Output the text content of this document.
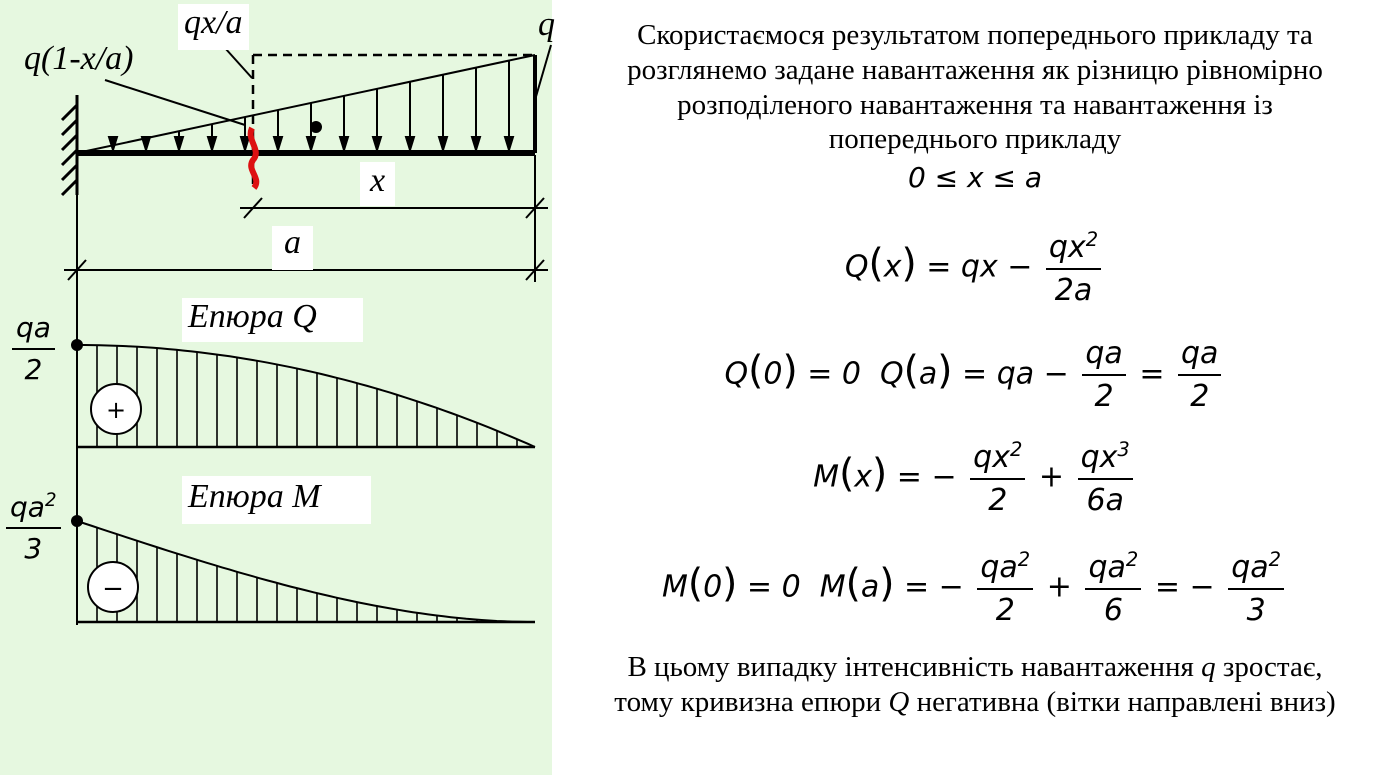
+
−
qx/a
q(1-x/a)
q
x
a
Епюра Q
Епюра M
qa
2
$qa^2$
3
Скористаємося результатом попереднього прикладу та розглянемо задане навантаження як різницю рівномірно розподіленого навантаження та навантаження із попереднього прикладу
0 ≤ x ≤ a
Q(x) = qx − $\frac{qx^2}{2a}$
Q(0) = 0  Q(a) = qa − $\frac{qa}{2} = \frac{qa}{2}$
M(x) = − $\frac{qx^2}{2} + \frac{qx^3}{6a}$
M(0) = 0  M(a) = − $\frac{qa^2}{2} + \frac{qa^2}{6}$ = − $\frac{qa^2}{3}$
В цьому випадку інтенсивність навантаження q зростає, тому кривизна епюри Q негативна (вітки направлені вниз)
